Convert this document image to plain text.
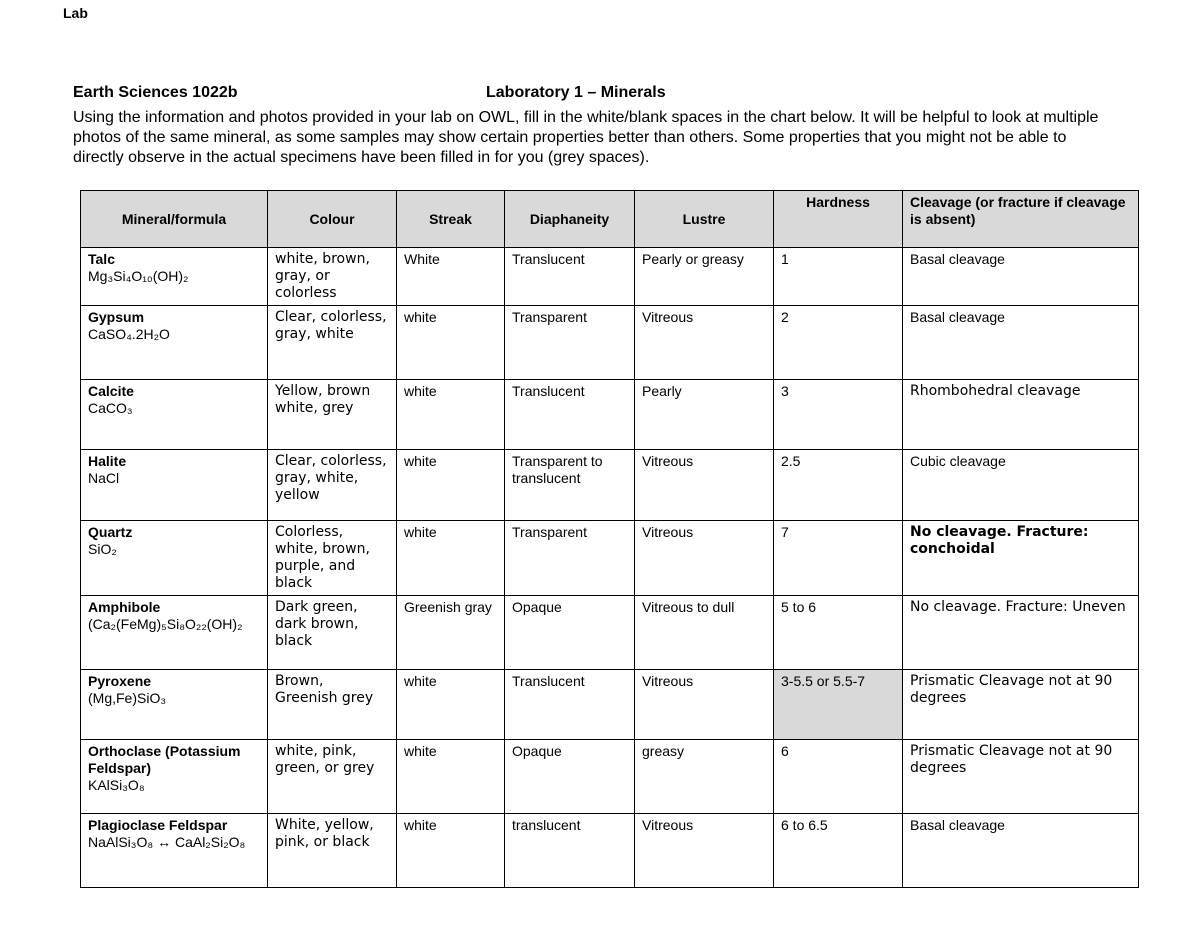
Lab
Earth Sciences 1022b	Laboratory 1 – Minerals
Using the information and photos provided in your lab on OWL, fill in the white/blank spaces in the chart below. It will be helpful to look at multiple photos of the same mineral, as some samples may show certain properties better than others. Some properties that you might not be able to directly observe in the actual specimens have been filled in for you (grey spaces).
Mineral/formula	Colour	Streak	Diaphaneity	Lustre	Hardness	Cleavage (or fracture if cleavage is absent)

Talc
Mg₃Si₄O₁₀(OH)₂	white, brown, gray, or colorless	White	Translucent	Pearly or greasy	1	Basal cleavage

Gypsum
CaSO₄.2H₂O	Clear, colorless, gray, white	white	Transparent	Vitreous	2	Basal cleavage

Calcite
CaCO₃	Yellow, brown white, grey	white	Translucent	Pearly	3	Rhombohedral cleavage

Halite
NaCl	Clear, colorless, gray, white, yellow	white	Transparent to translucent	Vitreous	2.5	Cubic cleavage

Quartz
SiO₂	Colorless, white, brown, purple, and black	white	Transparent	Vitreous	7	No cleavage. Fracture: conchoidal

Amphibole
(Ca₂(FeMg)₅Si₈O₂₂(OH)₂	Dark green, dark brown, black	Greenish gray	Opaque	Vitreous to dull	5 to 6	No cleavage. Fracture: Uneven

Pyroxene
(Mg,Fe)SiO₃	Brown, Greenish grey	white	Translucent	Vitreous	3-5.5 or 5.5-7	Prismatic Cleavage not at 90 degrees

Orthoclase (Potassium Feldspar)
KAlSi₃O₈	white, pink, green, or grey	white	Opaque	greasy	6	Prismatic Cleavage not at 90 degrees

Plagioclase Feldspar
NaAlSi₃O₈ ↔ CaAl₂Si₂O₈	White, yellow, pink, or black	white	translucent	Vitreous	6 to 6.5	Basal cleavage
